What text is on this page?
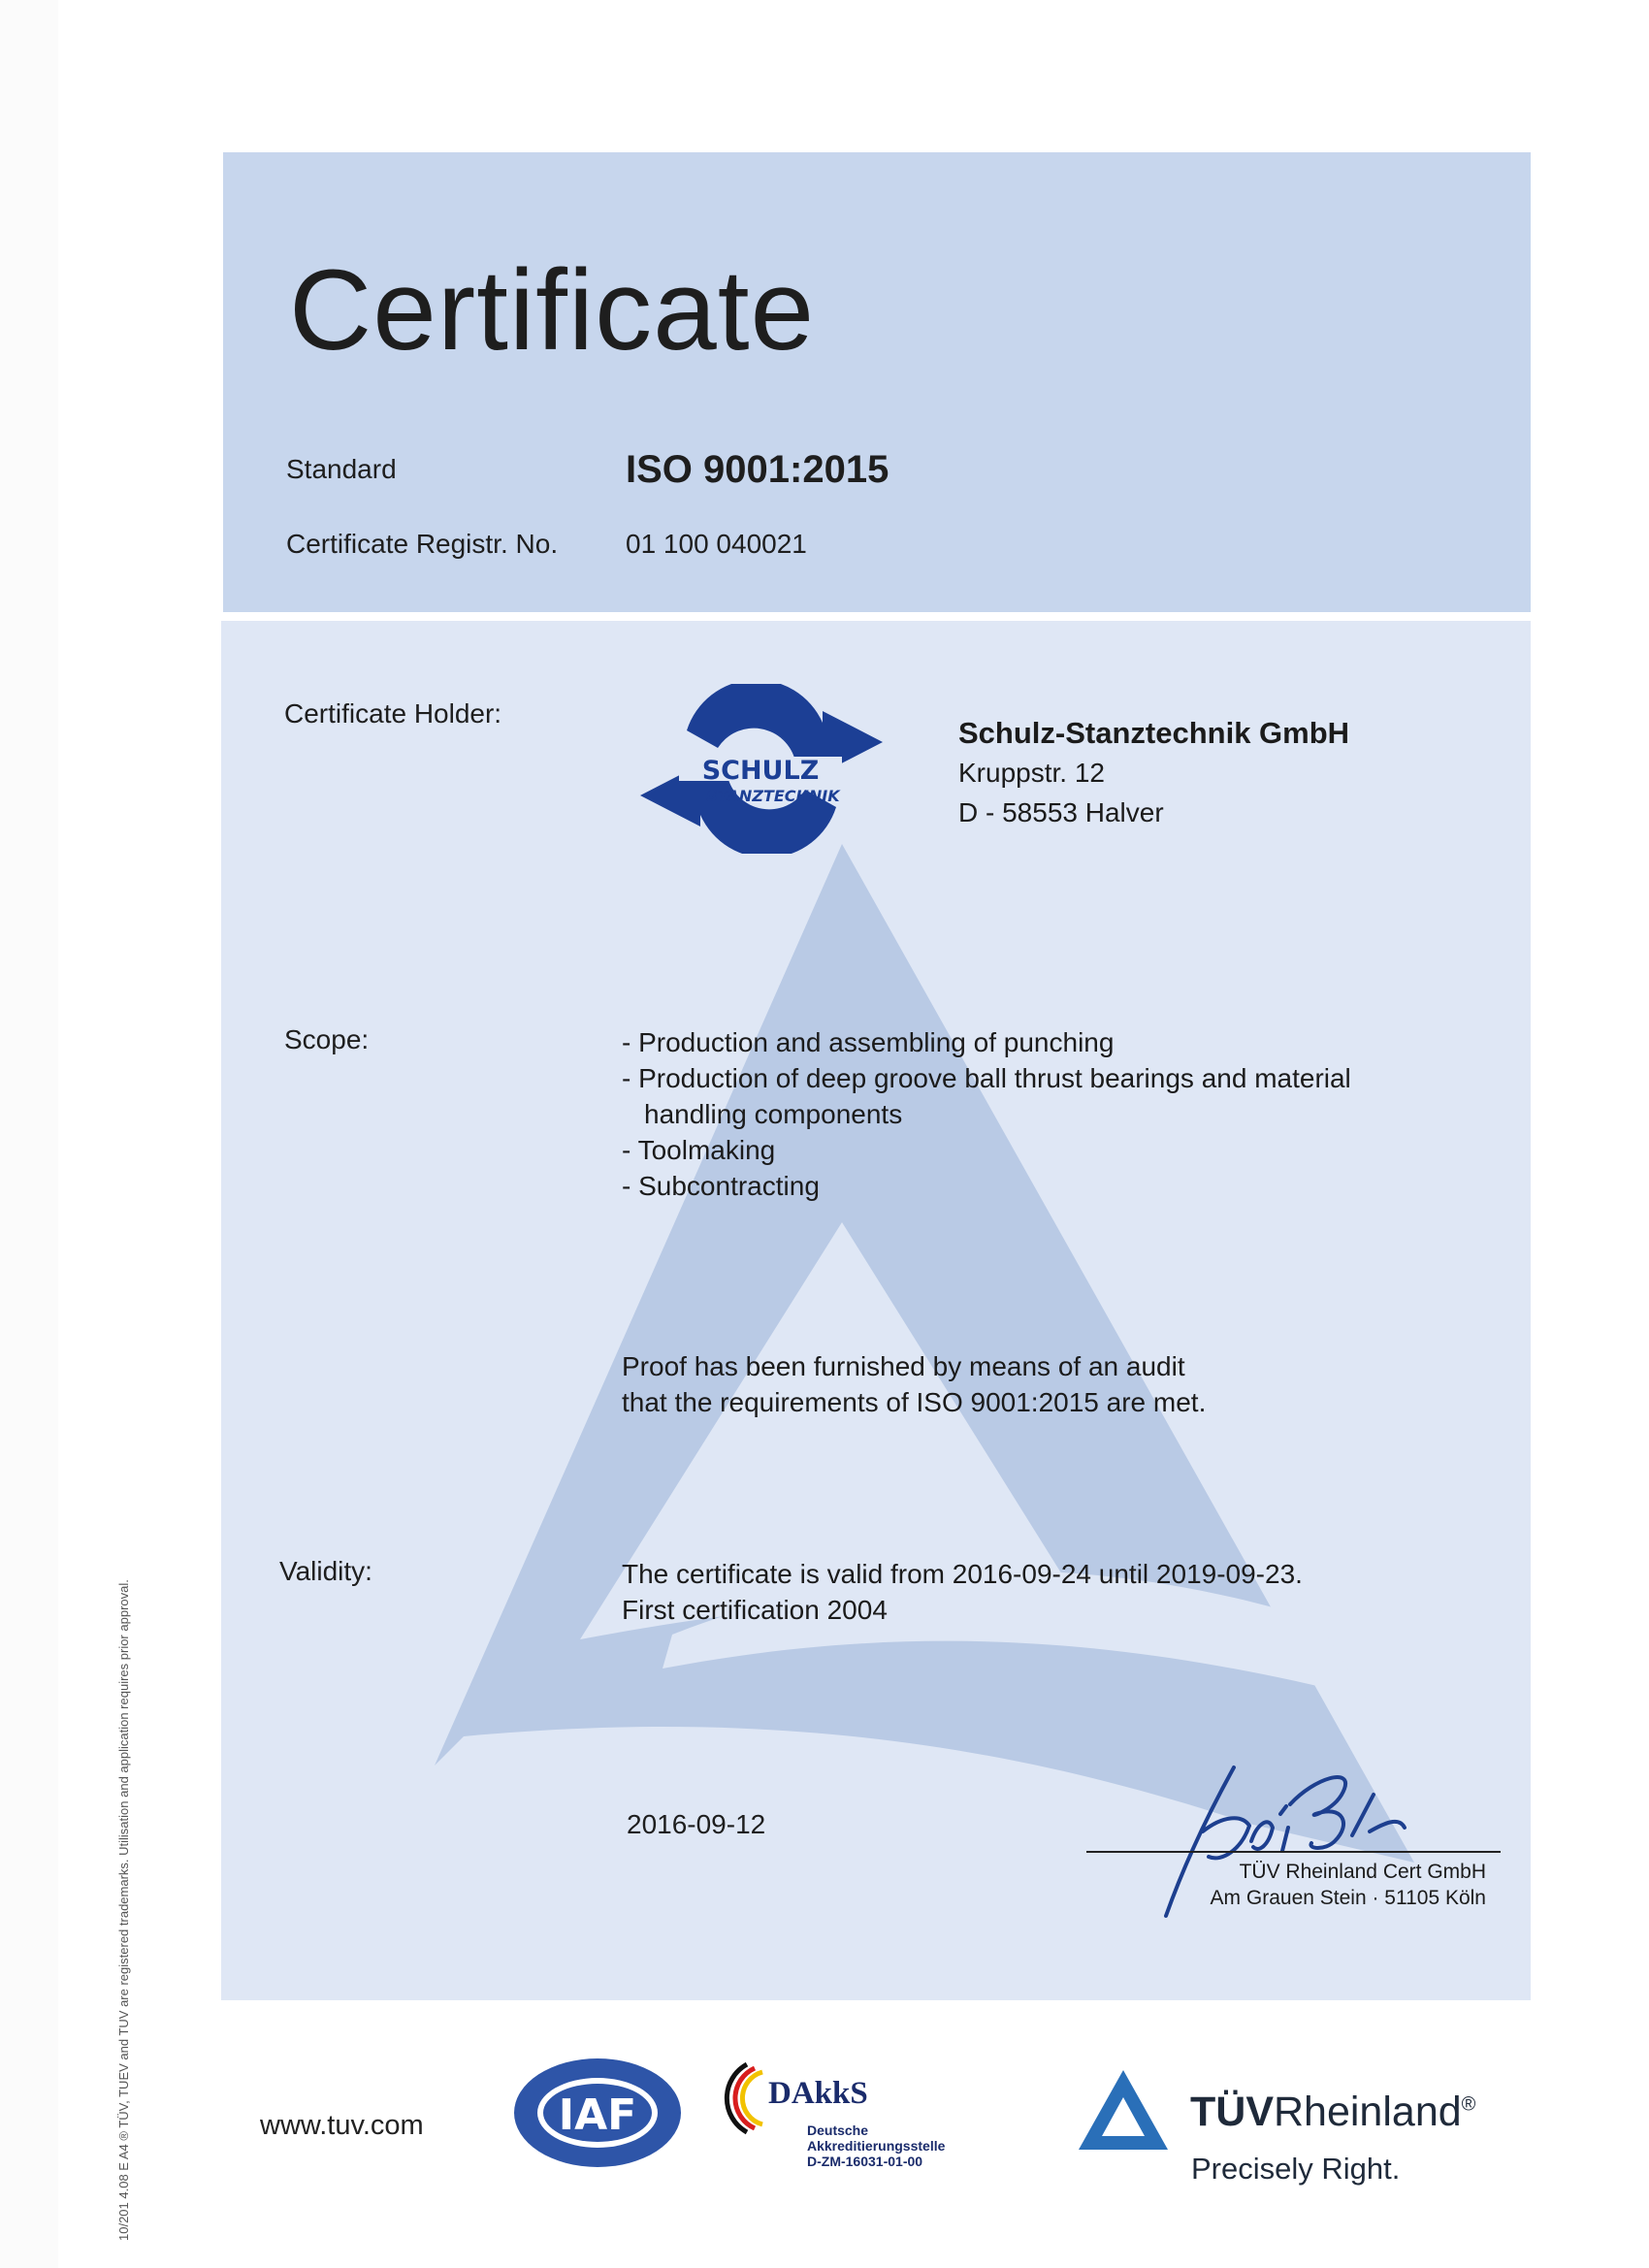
Certificate
Standard	ISO 9001:2015
Certificate Registr. No. 01 100 040021
Certificate Holder:
SCHULZ
STANZTECHNIK
Schulz-Stanztechnik GmbH
Kruppstr. 12
D - 58553 Halver
Scope:	- Production and assembling of punching
- Production of deep groove ball thrust bearings and material handling components
- Toolmaking
- Subcontracting
Proof has been furnished by means of an audit
that the requirements of ISO 9001:2015 are met.
Validity:	The certificate is valid from 2016-09-24 until 2019-09-23.
First certification 2004
2016-09-12
TÜV Rheinland Cert GmbH
Am Grauen Stein · 51105 Köln
www.tuv.com	IAF	DAkkS
Deutsche
Akkreditierungsstelle
D-ZM-16031-01-00
TÜVRheinland®
Precisely Right.
10/201 4.08 E A4 ® TÜV, TUEV and TUV are registered trademarks. Utilisation and application requires prior approval.
